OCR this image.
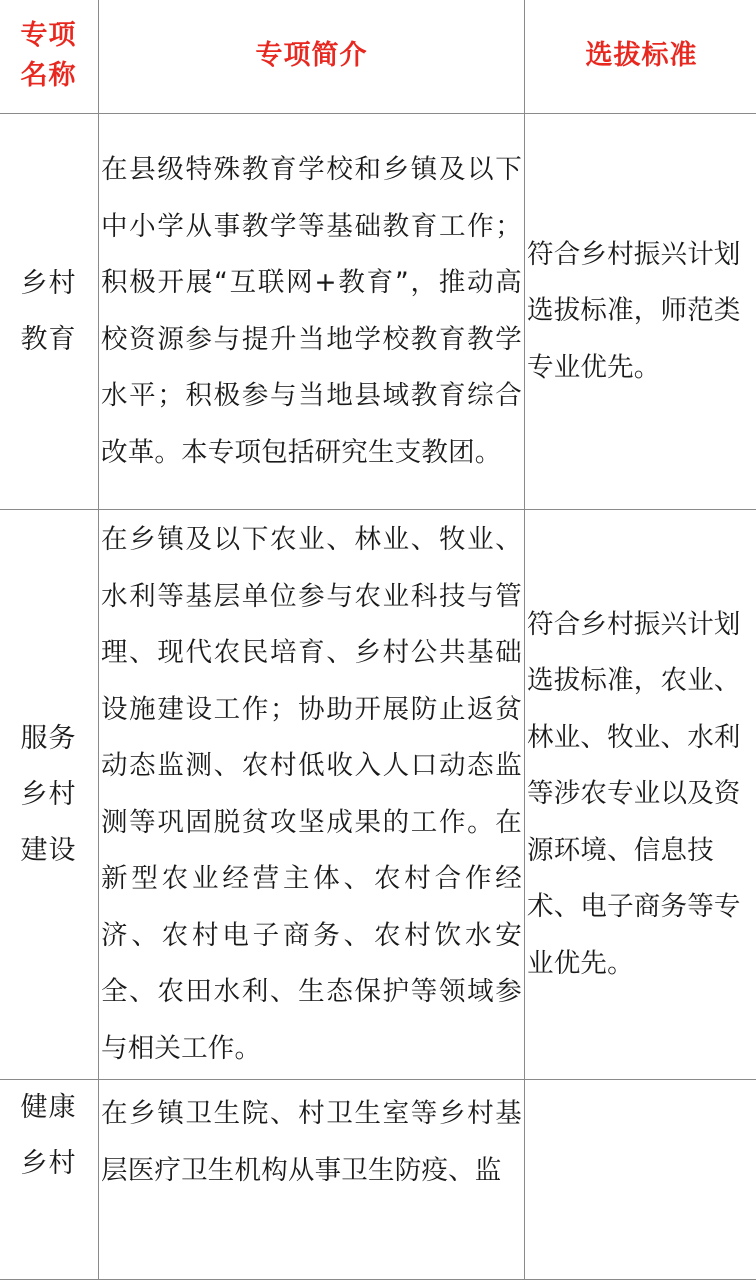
专项
名称	专项简介	选拔标准

乡村
教育	在县级特殊教育学校和乡镇及以下中小学从事教学等基础教育工作；积极开展“互联网+教育”，推动高校资源参与提升当地学校教育教学水平；积极参与当地县域教育综合改革。本专项包括研究生支教团。	符合乡村振兴计划选拔标准，师范类专业优先。

服务
乡村
建设	在乡镇及以下农业、林业、牧业、水利等基层单位参与农业科技与管理、现代农民培育、乡村公共基础设施建设工作；协助开展防止返贫动态监测、农村低收入人口动态监测等巩固脱贫攻坚成果的工作。在新型农业经营主体、农村合作经济、农村电子商务、农村饮水安全、农田水利、生态保护等领域参与相关工作。	符合乡村振兴计划选拔标准，农业、林业、牧业、水利等涉农专业以及资源环境、信息技术、电子商务等专业优先。

健康
乡村	在乡镇卫生院、村卫生室等乡村基层医疗卫生机构从事卫生防疫、监	
